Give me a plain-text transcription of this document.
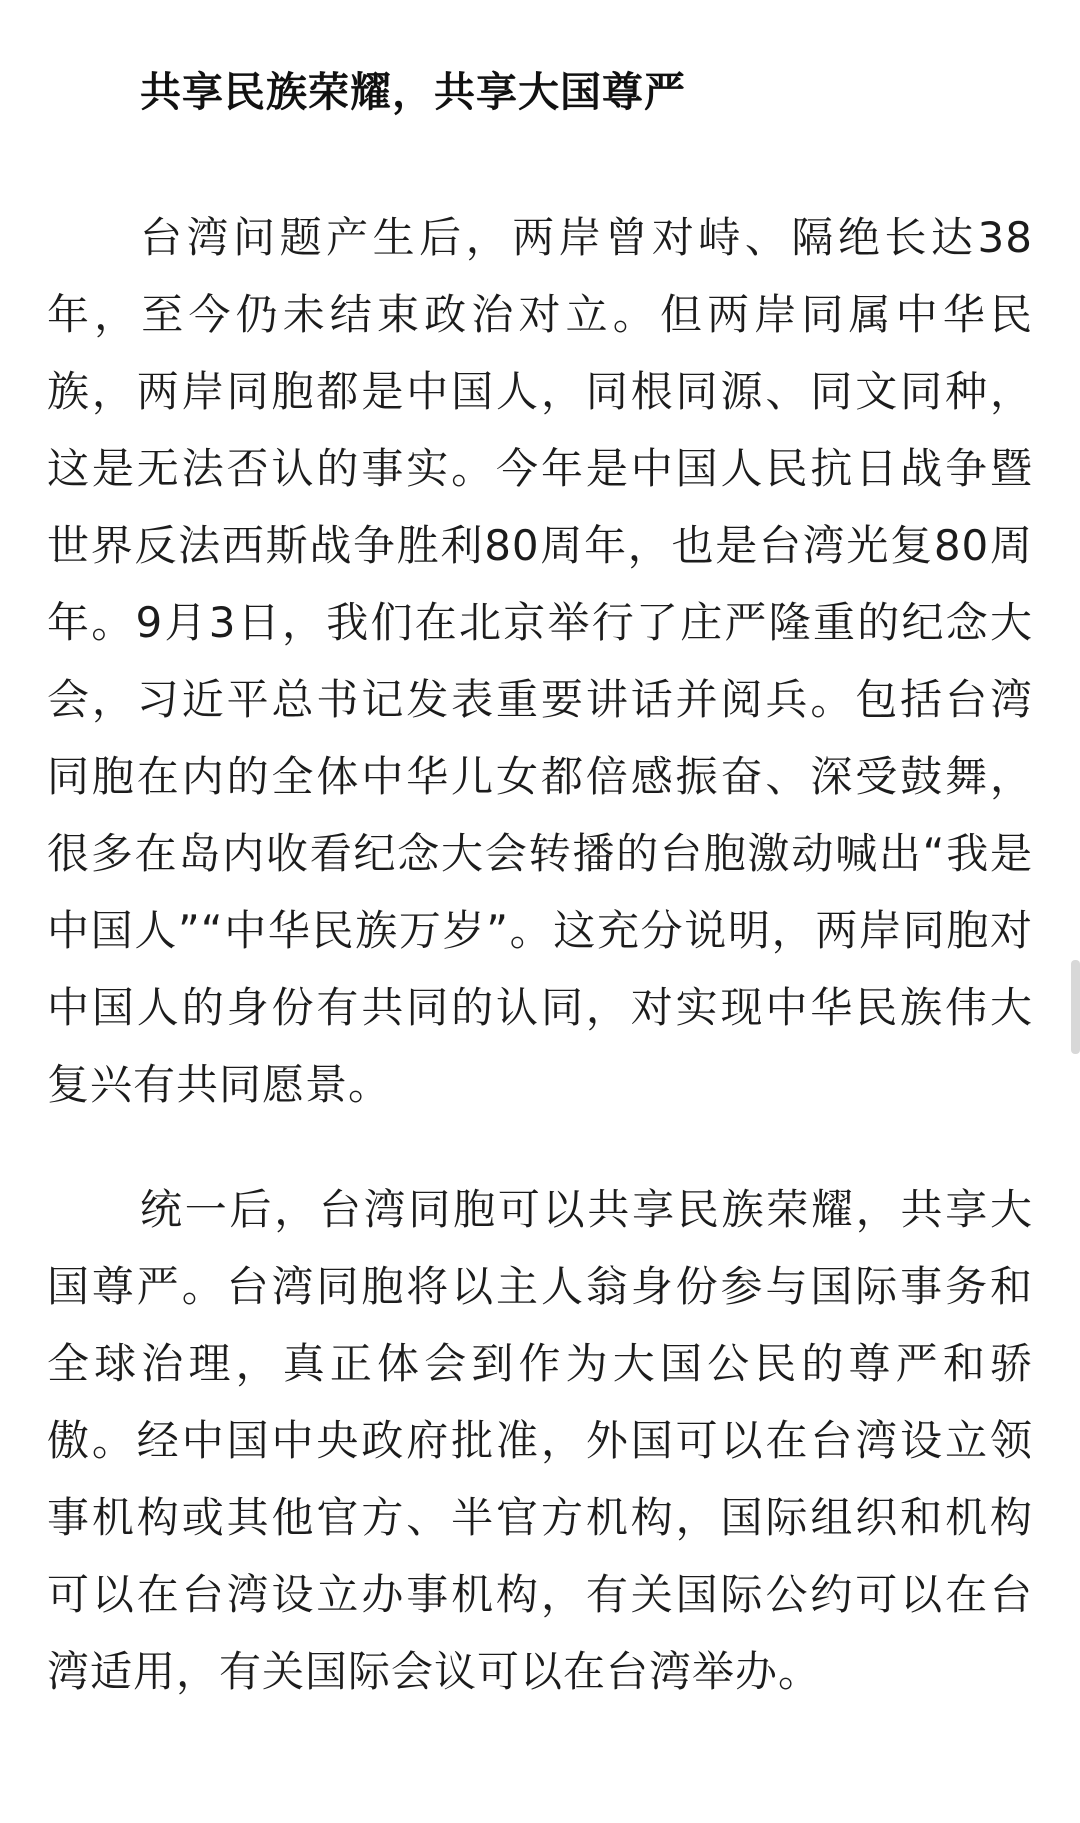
共享民族荣耀，共享大国尊严

台湾问题产生后，两岸曾对峙、隔绝长达38年，至今仍未结束政治对立。但两岸同属中华民族，两岸同胞都是中国人，同根同源、同文同种，这是无法否认的事实。今年是中国人民抗日战争暨世界反法西斯战争胜利80周年，也是台湾光复80周年。9月3日，我们在北京举行了庄严隆重的纪念大会，习近平总书记发表重要讲话并阅兵。包括台湾同胞在内的全体中华儿女都倍感振奋、深受鼓舞，很多在岛内收看纪念大会转播的台胞激动喊出“我是中国人”“中华民族万岁”。这充分说明，两岸同胞对中国人的身份有共同的认同，对实现中华民族伟大复兴有共同愿景。

统一后，台湾同胞可以共享民族荣耀，共享大国尊严。台湾同胞将以主人翁身份参与国际事务和全球治理，真正体会到作为大国公民的尊严和骄傲。经中国中央政府批准，外国可以在台湾设立领事机构或其他官方、半官方机构，国际组织和机构可以在台湾设立办事机构，有关国际公约可以在台湾适用，有关国际会议可以在台湾举办。
